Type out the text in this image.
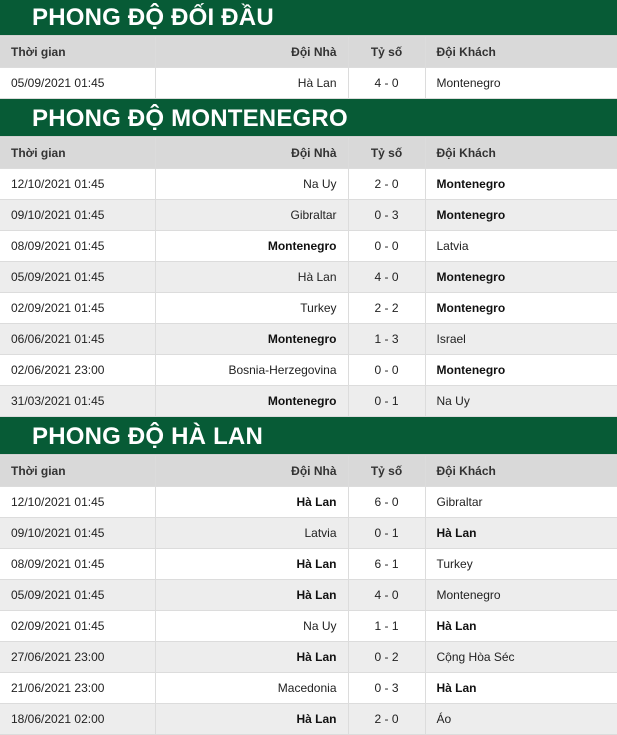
PHONG ĐỘ ĐỐI ĐẦU
Thời gian	Đội Nhà	Tỷ số	Đội Khách
05/09/2021 01:45	Hà Lan	4 - 0	Montenegro
PHONG ĐỘ MONTENEGRO
Thời gian	Đội Nhà	Tỷ số	Đội Khách
12/10/2021 01:45	Na Uy	2 - 0	Montenegro
09/10/2021 01:45	Gibraltar	0 - 3	Montenegro
08/09/2021 01:45	Montenegro	0 - 0	Latvia
05/09/2021 01:45	Hà Lan	4 - 0	Montenegro
02/09/2021 01:45	Turkey	2 - 2	Montenegro
06/06/2021 01:45	Montenegro	1 - 3	Israel
02/06/2021 23:00	Bosnia-Herzegovina	0 - 0	Montenegro
31/03/2021 01:45	Montenegro	0 - 1	Na Uy
PHONG ĐỘ HÀ LAN
Thời gian	Đội Nhà	Tỷ số	Đội Khách
12/10/2021 01:45	Hà Lan	6 - 0	Gibraltar
09/10/2021 01:45	Latvia	0 - 1	Hà Lan
08/09/2021 01:45	Hà Lan	6 - 1	Turkey
05/09/2021 01:45	Hà Lan	4 - 0	Montenegro
02/09/2021 01:45	Na Uy	1 - 1	Hà Lan
27/06/2021 23:00	Hà Lan	0 - 2	Cộng Hòa Séc
21/06/2021 23:00	Macedonia	0 - 3	Hà Lan
18/06/2021 02:00	Hà Lan	2 - 0	Áo
